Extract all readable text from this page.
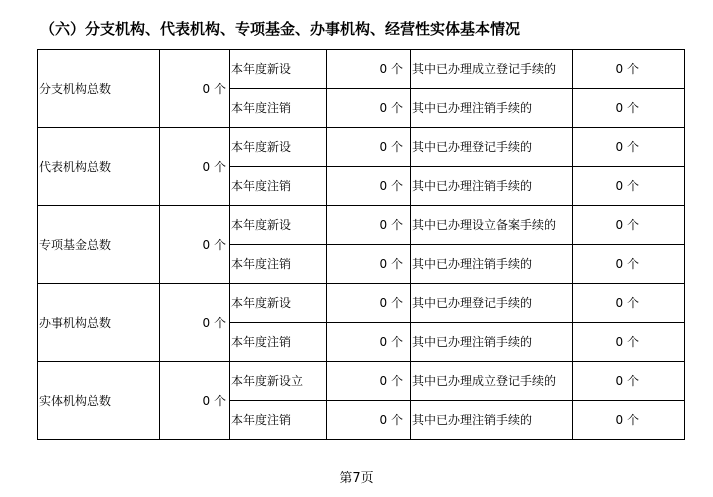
（六）分支机构、代表机构、专项基金、办事机构、经营性实体基本情况
分支机构总数	0 个	本年度新设	0 个	其中已办理成立登记手续的	0 个
		本年度注销	0 个	其中已办理注销手续的	0 个
代表机构总数	0 个	本年度新设	0 个	其中已办理登记手续的	0 个
		本年度注销	0 个	其中已办理注销手续的	0 个
专项基金总数	0 个	本年度新设	0 个	其中已办理设立备案手续的	0 个
		本年度注销	0 个	其中已办理注销手续的	0 个
办事机构总数	0 个	本年度新设	0 个	其中已办理登记手续的	0 个
		本年度注销	0 个	其中已办理注销手续的	0 个
实体机构总数	0 个	本年度新设立	0 个	其中已办理成立登记手续的	0 个
		本年度注销	0 个	其中已办理注销手续的	0 个
第7页
